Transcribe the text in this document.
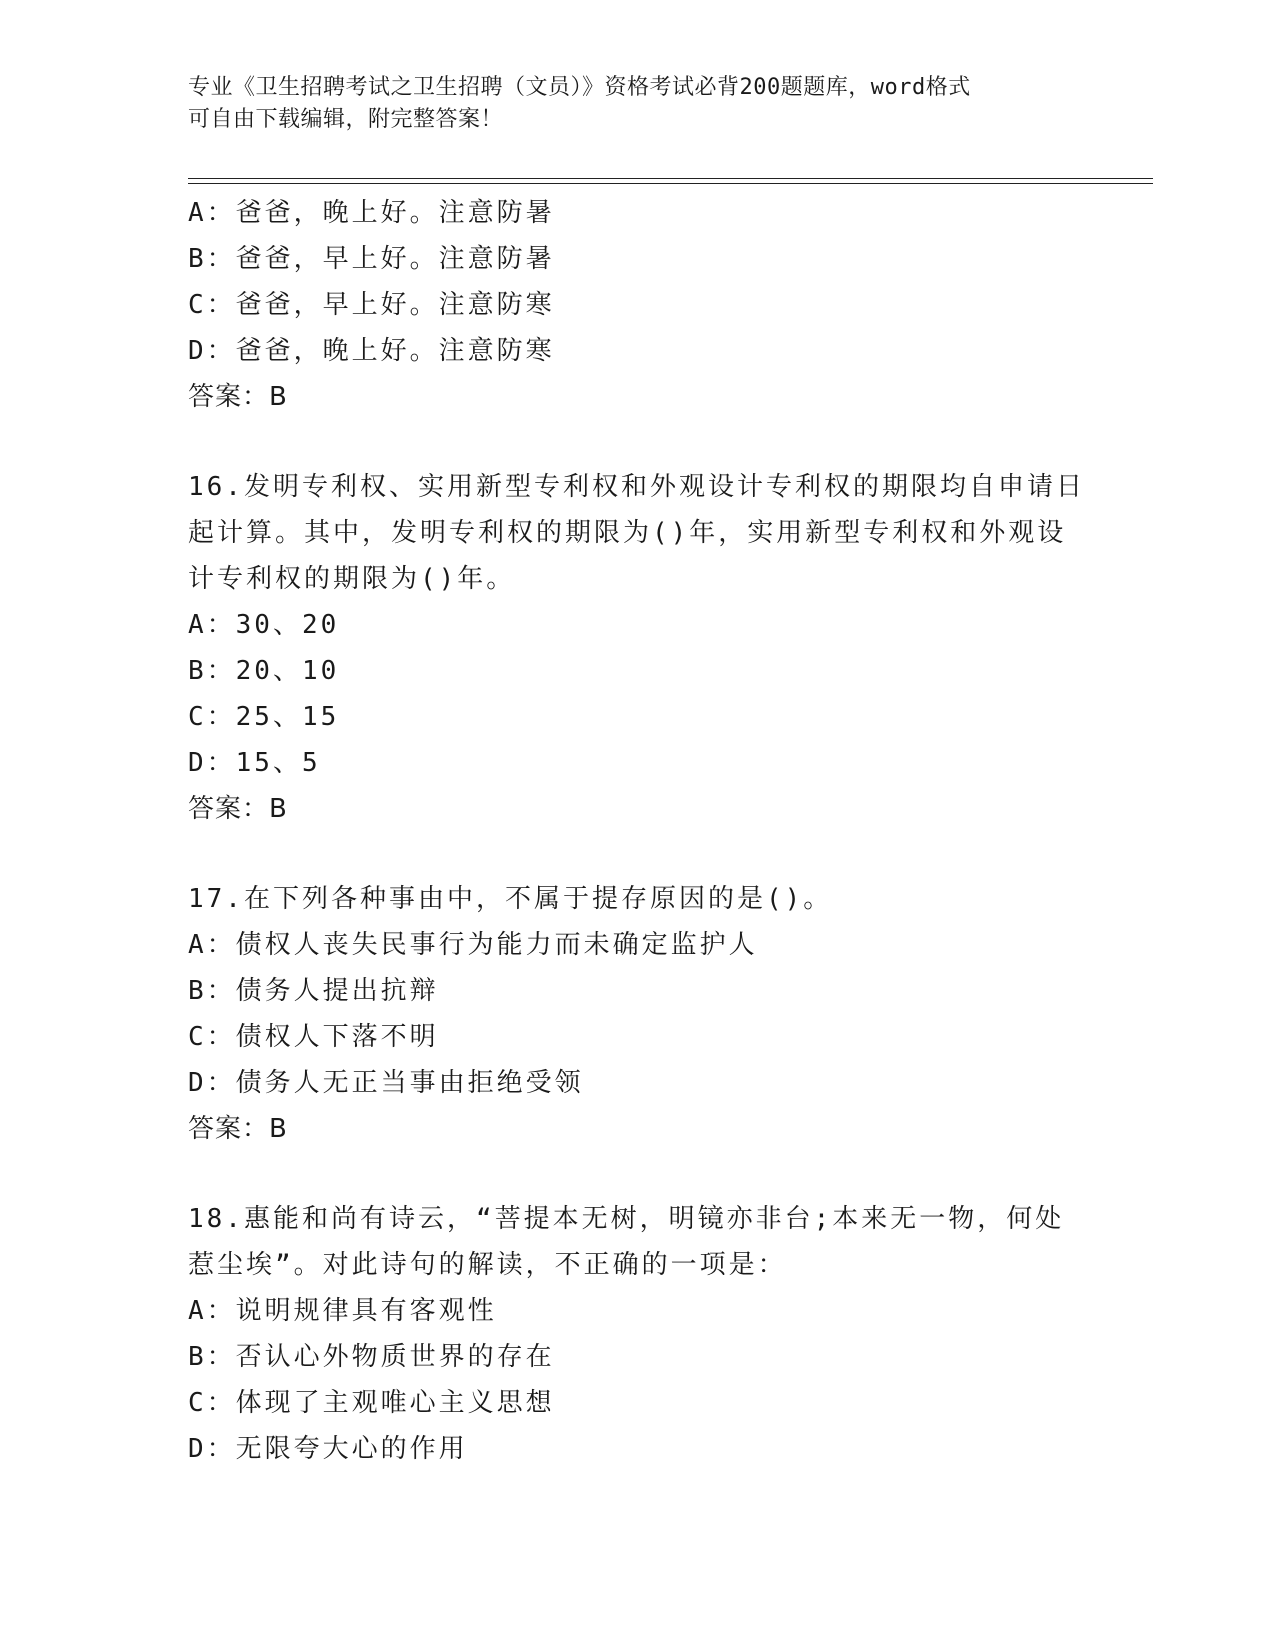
专业《卫生招聘考试之卫生招聘（文员）》资格考试必背200题题库，word格式
可自由下载编辑，附完整答案！
A：爸爸，晚上好。注意防暑
B：爸爸，早上好。注意防暑
C：爸爸，早上好。注意防寒
D：爸爸，晚上好。注意防寒
答案：B
16.发明专利权、实用新型专利权和外观设计专利权的期限均自申请日
起计算。其中，发明专利权的期限为()年，实用新型专利权和外观设
计专利权的期限为()年。
A：30、20
B：20、10
C：25、15
D：15、5
答案：B
17.在下列各种事由中，不属于提存原因的是()。
A：债权人丧失民事行为能力而未确定监护人
B：债务人提出抗辩
C：债权人下落不明
D：债务人无正当事由拒绝受领
答案：B
18.惠能和尚有诗云，“菩提本无树，明镜亦非台;本来无一物，何处
惹尘埃”。对此诗句的解读，不正确的一项是：
A：说明规律具有客观性
B：否认心外物质世界的存在
C：体现了主观唯心主义思想
D：无限夸大心的作用
